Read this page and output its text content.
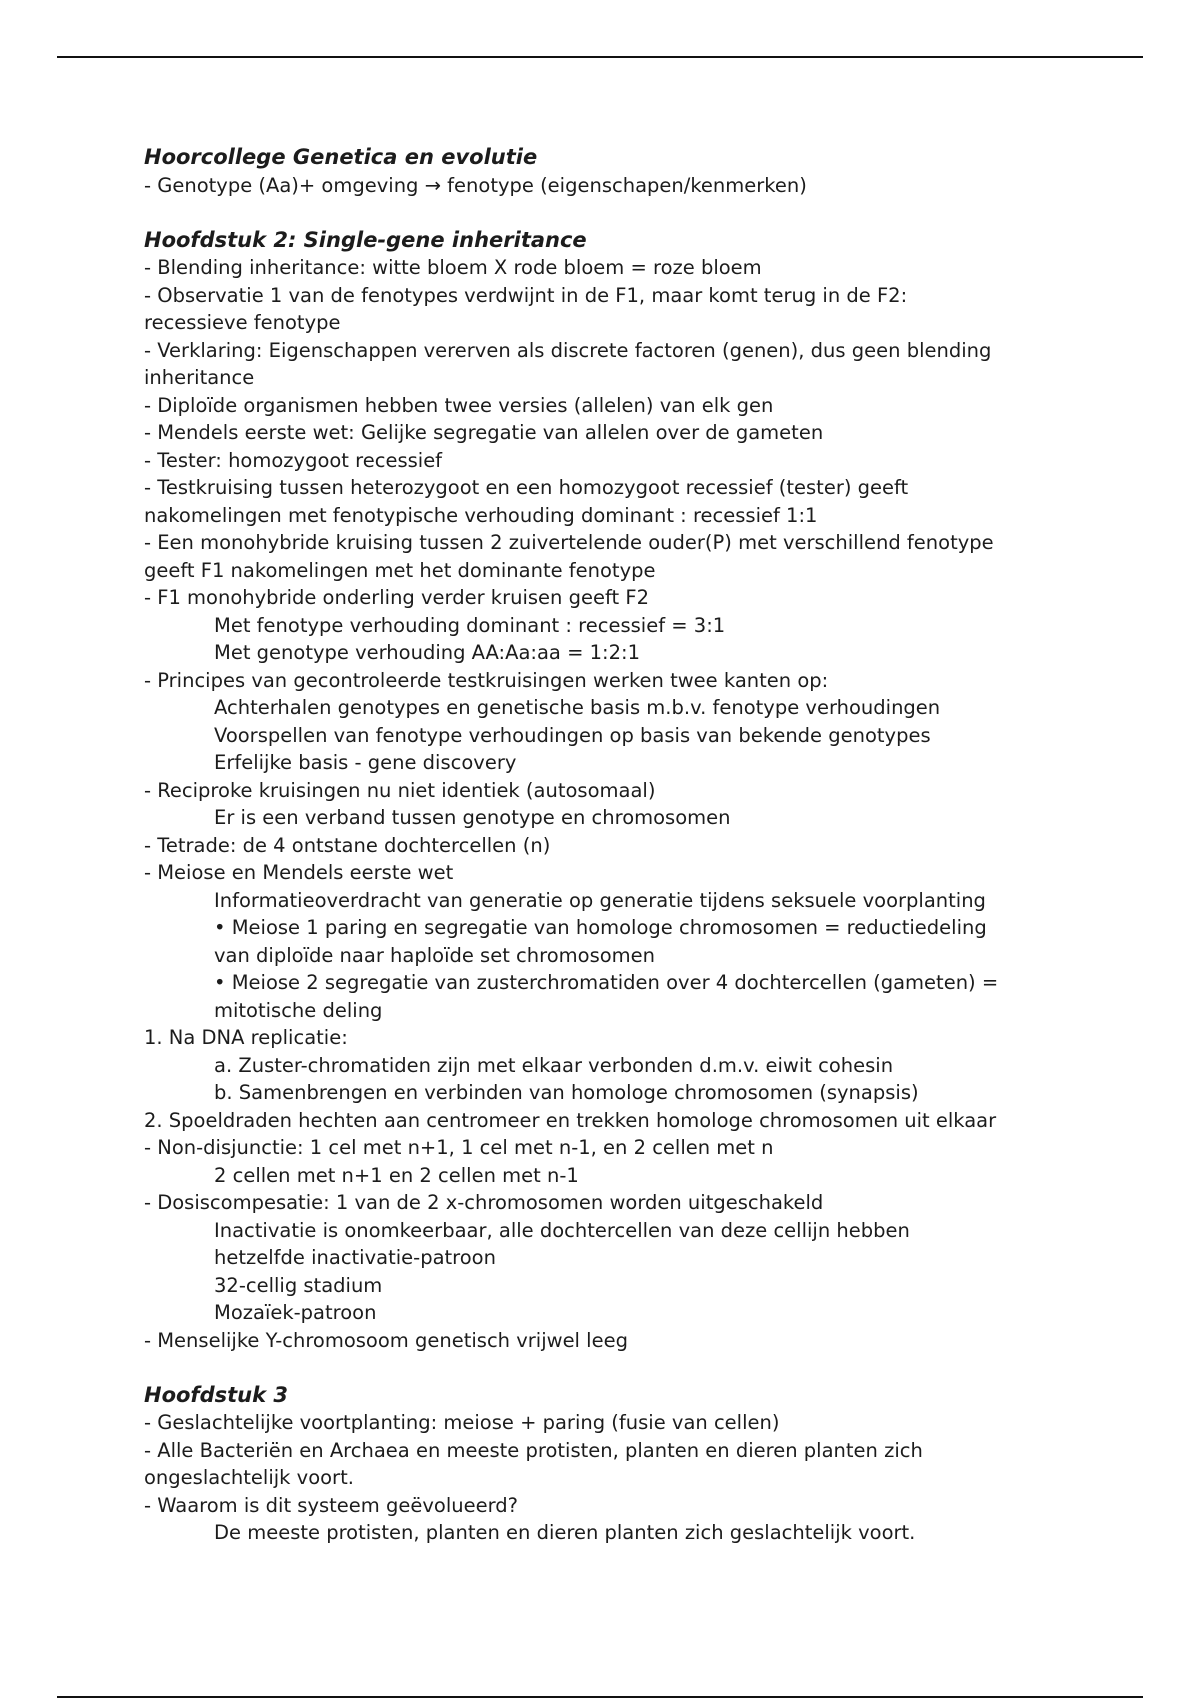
Hoorcollege Genetica en evolutie
- Genotype (Aa)+ omgeving → fenotype (eigenschapen/kenmerken)
Hoofdstuk 2: Single-gene inheritance
- Blending inheritance: witte bloem X rode bloem = roze bloem
- Observatie 1 van de fenotypes verdwijnt in de F1, maar komt terug in de F2:
recessieve fenotype
- Verklaring: Eigenschappen vererven als discrete factoren (genen), dus geen blending
inheritance
- Diploïde organismen hebben twee versies (allelen) van elk gen
- Mendels eerste wet: Gelijke segregatie van allelen over de gameten
- Tester: homozygoot recessief
- Testkruising tussen heterozygoot en een homozygoot recessief (tester) geeft
nakomelingen met fenotypische verhouding dominant : recessief 1:1
- Een monohybride kruising tussen 2 zuivertelende ouder(P) met verschillend fenotype
geeft F1 nakomelingen met het dominante fenotype
- F1 monohybride onderling verder kruisen geeft F2
Met fenotype verhouding dominant : recessief = 3:1
Met genotype verhouding AA:Aa:aa = 1:2:1
- Principes van gecontroleerde testkruisingen werken twee kanten op:
Achterhalen genotypes en genetische basis m.b.v. fenotype verhoudingen
Voorspellen van fenotype verhoudingen op basis van bekende genotypes
Erfelijke basis - gene discovery
- Reciproke kruisingen nu niet identiek (autosomaal)
Er is een verband tussen genotype en chromosomen
- Tetrade: de 4 ontstane dochtercellen (n)
- Meiose en Mendels eerste wet
Informatieoverdracht van generatie op generatie tijdens seksuele voorplanting
• Meiose 1 paring en segregatie van homologe chromosomen = reductiedeling
van diploïde naar haploïde set chromosomen
• Meiose 2 segregatie van zusterchromatiden over 4 dochtercellen (gameten) =
mitotische deling
1. Na DNA replicatie:
a. Zuster-chromatiden zijn met elkaar verbonden d.m.v. eiwit cohesin
b. Samenbrengen en verbinden van homologe chromosomen (synapsis)
2. Spoeldraden hechten aan centromeer en trekken homologe chromosomen uit elkaar
- Non-disjunctie: 1 cel met n+1, 1 cel met n-1, en 2 cellen met n
2 cellen met n+1 en 2 cellen met n-1
- Dosiscompesatie: 1 van de 2 x-chromosomen worden uitgeschakeld
Inactivatie is onomkeerbaar, alle dochtercellen van deze cellijn hebben
hetzelfde inactivatie-patroon
32-cellig stadium
Mozaïek-patroon
- Menselijke Y-chromosoom genetisch vrijwel leeg
Hoofdstuk 3
- Geslachtelijke voortplanting: meiose + paring (fusie van cellen)
- Alle Bacteriën en Archaea en meeste protisten, planten en dieren planten zich
ongeslachtelijk voort.
- Waarom is dit systeem geëvolueerd?
De meeste protisten, planten en dieren planten zich geslachtelijk voort.
